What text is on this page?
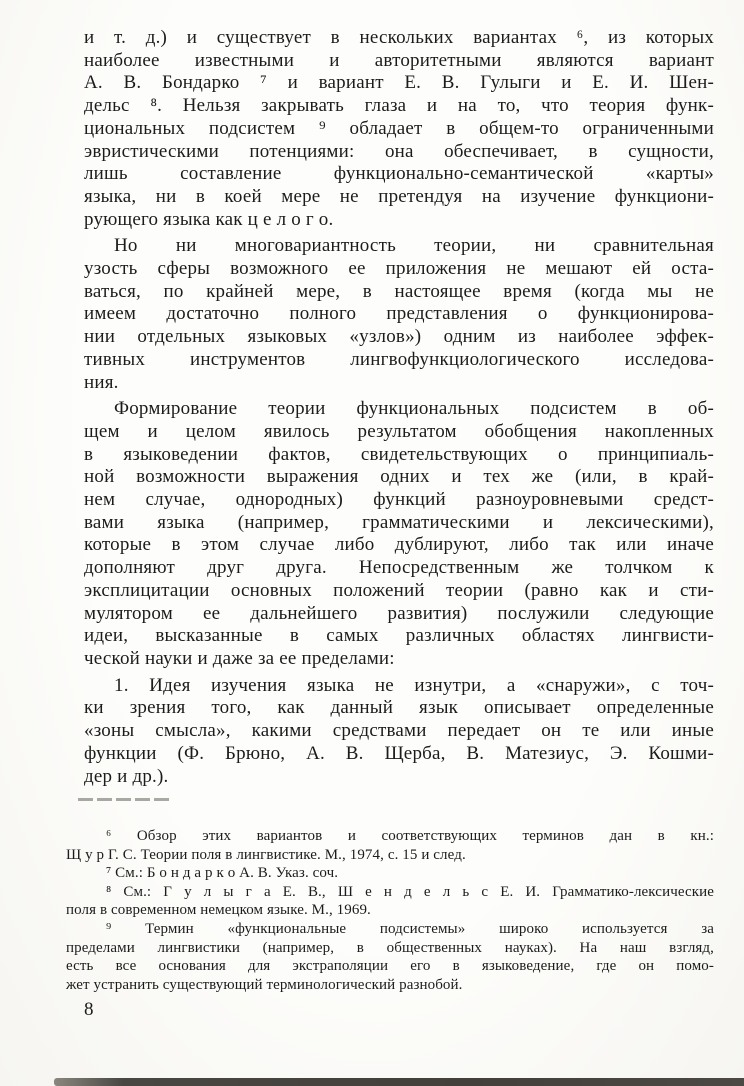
и т. д.) и существует в нескольких вариантах ⁶, из которых
наиболее известными и авторитетными являются вариант
А. В. Бондарко ⁷ и вариант Е. В. Гулыги и Е. И. Шен-
дельс ⁸. Нельзя закрывать глаза и на то, что теория функ-
циональных подсистем ⁹ обладает в общем-то ограниченными
эвристическими потенциями: она обеспечивает, в сущности,
лишь составление функционально-семантической «карты»
языка, ни в коей мере не претендуя на изучение функциони-
рующего языка как ц е л о г о.
Но ни многовариантность теории, ни сравнительная
узость сферы возможного ее приложения не мешают ей оста-
ваться, по крайней мере, в настоящее время (когда мы не
имеем достаточно полного представления о функционирова-
нии отдельных языковых «узлов») одним из наиболее эффек-
тивных инструментов лингвофункциологического исследова-
ния.
Формирование теории функциональных подсистем в об-
щем и целом явилось результатом обобщения накопленных
в языковедении фактов, свидетельствующих о принципиаль-
ной возможности выражения одних и тех же (или, в край-
нем случае, однородных) функций разноуровневыми средст-
вами языка (например, грамматическими и лексическими),
которые в этом случае либо дублируют, либо так или иначе
дополняют друг друга. Непосредственным же толчком к
эксплицитации основных положений теории (равно как и сти-
мулятором ее дальнейшего развития) послужили следующие
идеи, высказанные в самых различных областях лингвисти-
ческой науки и даже за ее пределами:
1. Идея изучения языка не изнутри, а «снаружи», с точ-
ки зрения того, как данный язык описывает определенные
«зоны смысла», какими средствами передает он те или иные
функции (Ф. Брюно, А. В. Щерба, В. Матезиус, Э. Кошми-
дер и др.).
⁶ Обзор этих вариантов и соответствующих терминов дан в кн.:
Щ у р Г. С. Теории поля в лингвистике. М., 1974, с. 15 и след.
⁷ См.: Б о н д а р к о А. В. Указ. соч.
⁸ См.: Г у л ы г а Е. В., Ш е н д е л ь с Е. И. Грамматико-лексические
поля в современном немецком языке. М., 1969.
⁹ Термин «функциональные подсистемы» широко используется за
пределами лингвистики (например, в общественных науках). На наш взгляд,
есть все основания для экстраполяции его в языковедение, где он помо-
жет устранить существующий терминологический разнобой.
8
